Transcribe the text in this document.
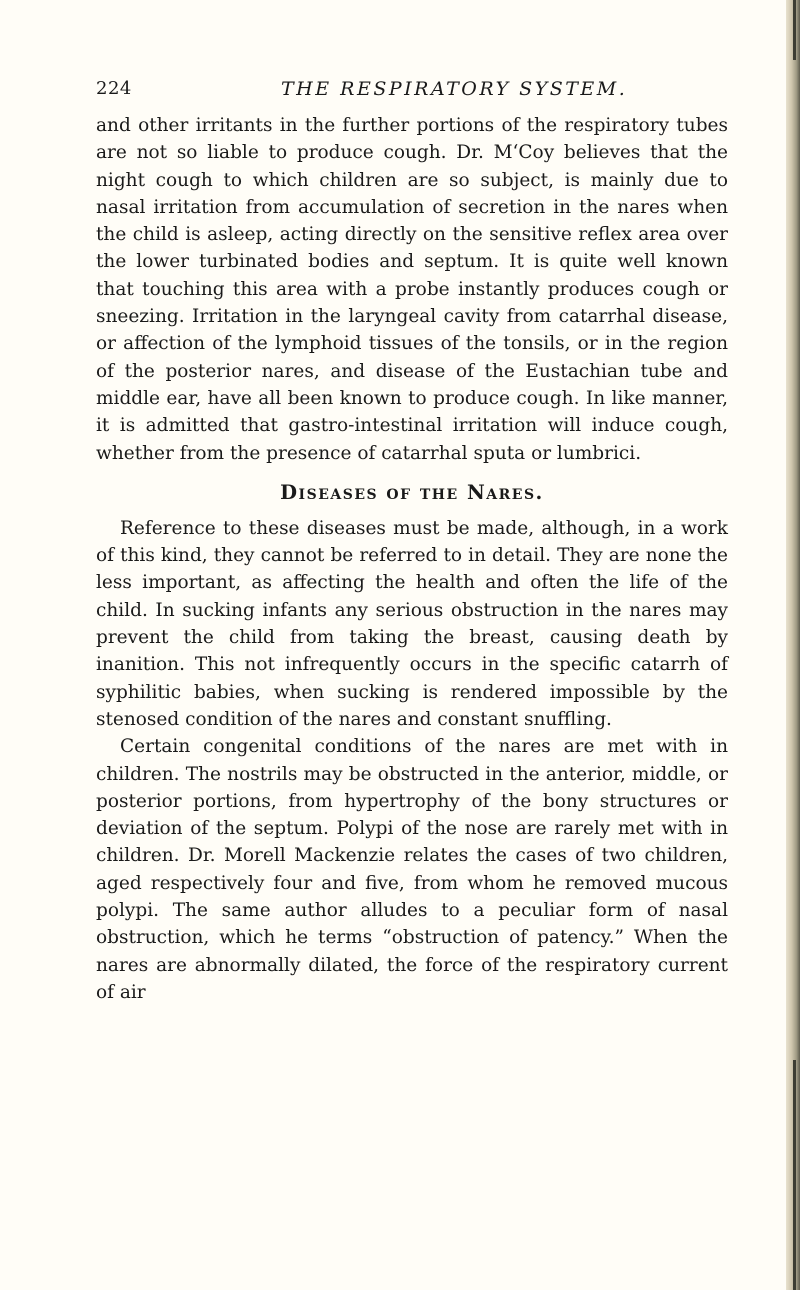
224	THE RESPIRATORY SYSTEM.

and other irritants in the further portions of the respiratory tubes are not so liable to produce cough. Dr. M‘Coy believes that the night cough to which children are so subject, is mainly due to nasal irritation from accumulation of secretion in the nares when the child is asleep, acting directly on the sensitive reflex area over the lower turbinated bodies and septum. It is quite well known that touching this area with a probe instantly produces cough or sneezing. Irritation in the laryngeal cavity from catarrhal disease, or affection of the lymphoid tissues of the tonsils, or in the region of the posterior nares, and disease of the Eustachian tube and middle ear, have all been known to produce cough. In like manner, it is admitted that gastro-intestinal irritation will induce cough, whether from the presence of catarrhal sputa or lumbrici.

Diseases of the Nares.

Reference to these diseases must be made, although, in a work of this kind, they cannot be referred to in detail. They are none the less important, as affecting the health and often the life of the child. In sucking infants any serious obstruction in the nares may prevent the child from taking the breast, causing death by inanition. This not infrequently occurs in the specific catarrh of syphilitic babies, when sucking is rendered impossible by the stenosed condition of the nares and constant snuffling.

Certain congenital conditions of the nares are met with in children. The nostrils may be obstructed in the anterior, middle, or posterior portions, from hypertrophy of the bony structures or deviation of the septum. Polypi of the nose are rarely met with in children. Dr. Morell Mackenzie relates the cases of two children, aged respectively four and five, from whom he removed mucous polypi. The same author alludes to a peculiar form of nasal obstruction, which he terms “obstruction of patency.” When the nares are abnormally dilated, the force of the respiratory current of air
